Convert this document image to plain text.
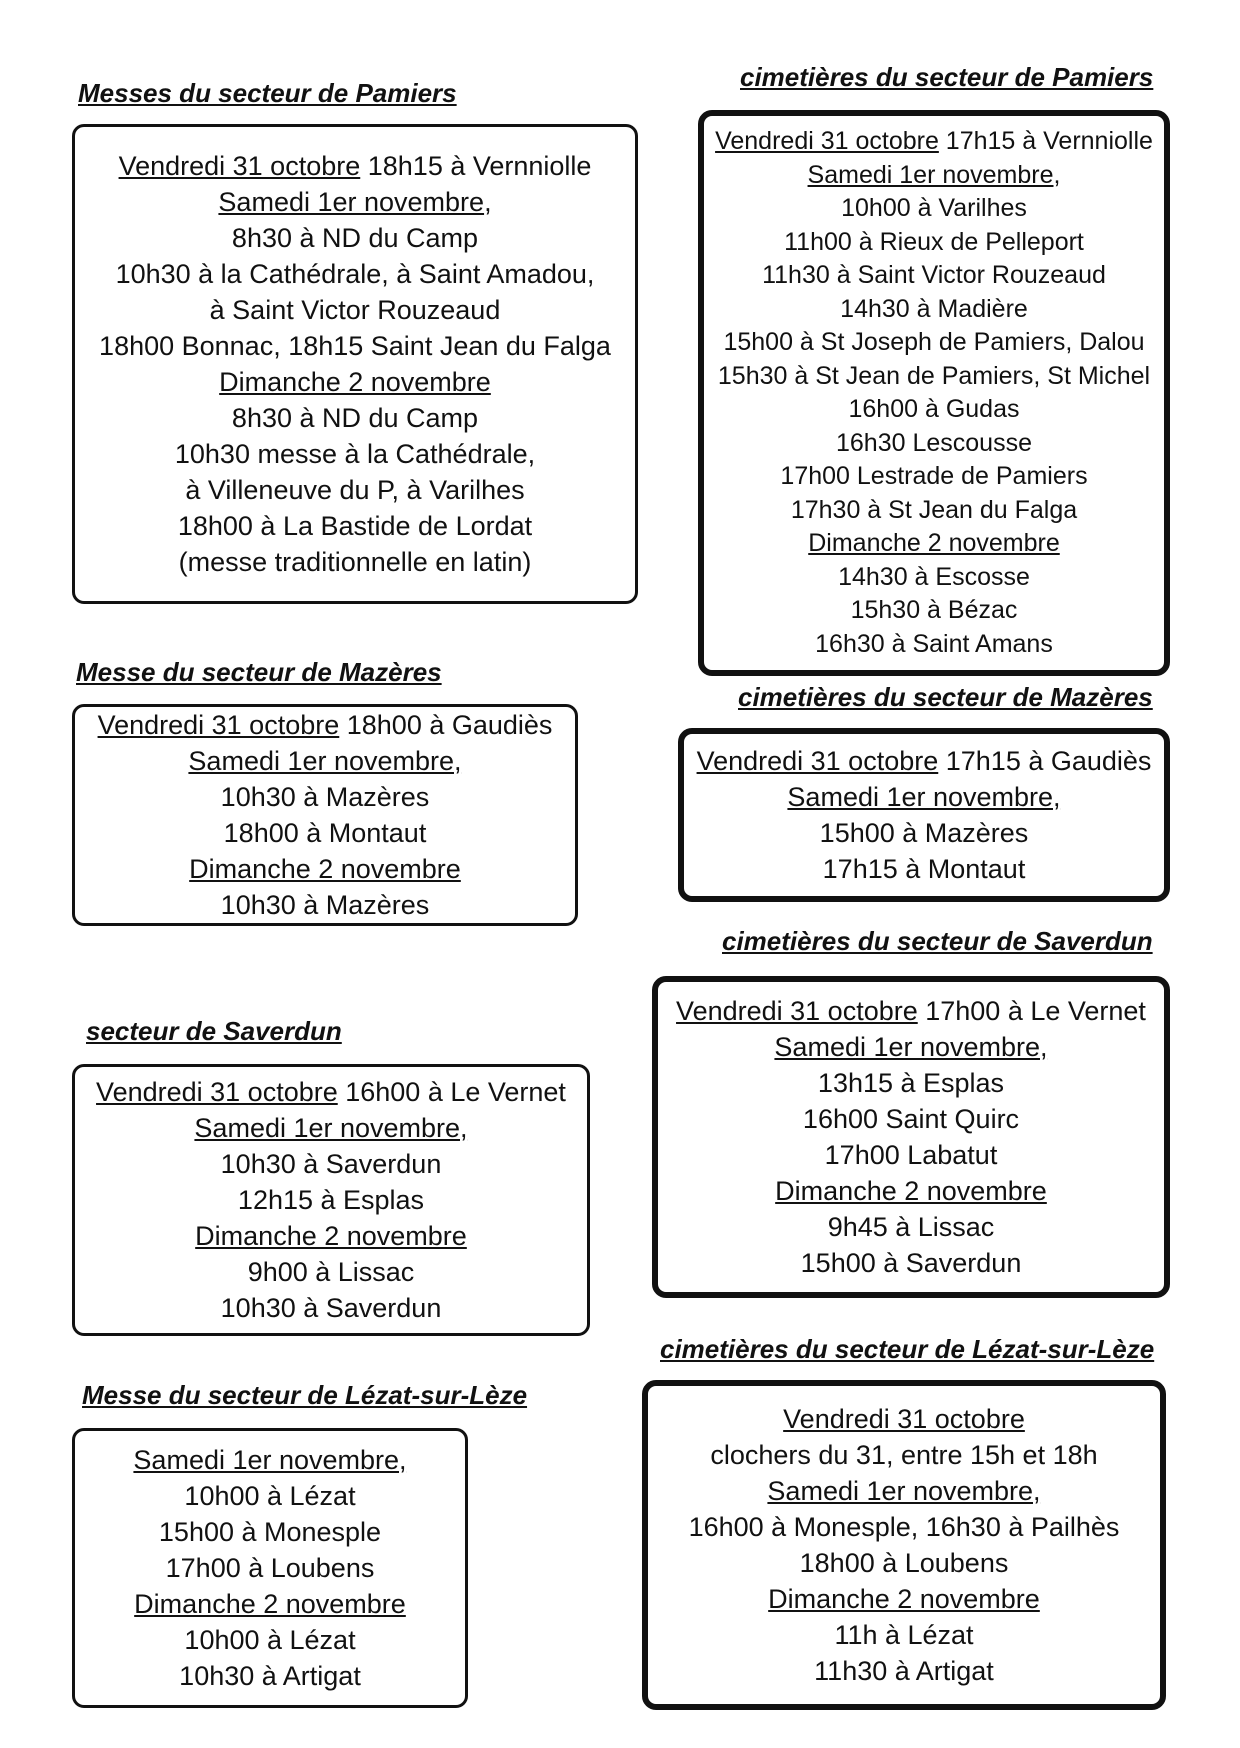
Messes du secteur de Pamiers
Vendredi 31 octobre 18h15 à Vernniolle
Samedi 1er novembre,
8h30 à ND du Camp
10h30 à la Cathédrale, à Saint Amadou,
à Saint Victor Rouzeaud
18h00 Bonnac, 18h15 Saint Jean du Falga
Dimanche 2 novembre
8h30 à ND du Camp
10h30 messe à la Cathédrale,
à Villeneuve du P, à Varilhes
18h00 à La Bastide de Lordat
(messe traditionnelle en latin)
Messe du secteur de Mazères
Vendredi 31 octobre 18h00 à Gaudiès
Samedi 1er novembre,
10h30 à Mazères
18h00 à Montaut
Dimanche 2 novembre
10h30 à Mazères
secteur de Saverdun
Vendredi 31 octobre 16h00 à Le Vernet
Samedi 1er novembre,
10h30 à Saverdun
12h15 à Esplas
Dimanche 2 novembre
9h00 à Lissac
10h30 à Saverdun
Messe du secteur de Lézat-sur-Lèze
Samedi 1er novembre,
10h00 à Lézat
15h00 à Monesple
17h00 à Loubens
Dimanche 2 novembre
10h00 à Lézat
10h30 à Artigat
cimetières du secteur de Pamiers
Vendredi 31 octobre 17h15 à Vernniolle
Samedi 1er novembre,
10h00 à Varilhes
11h00 à Rieux de Pelleport
11h30 à Saint Victor Rouzeaud
14h30 à Madière
15h00 à St Joseph de Pamiers, Dalou
15h30 à St Jean de Pamiers, St Michel
16h00 à Gudas
16h30 Lescousse
17h00 Lestrade de Pamiers
17h30 à St Jean du Falga
Dimanche 2 novembre
14h30 à Escosse
15h30 à Bézac
16h30 à Saint Amans
cimetières du secteur de Mazères
Vendredi 31 octobre 17h15 à Gaudiès
Samedi 1er novembre,
15h00 à Mazères
17h15 à Montaut
cimetières du secteur de Saverdun
Vendredi 31 octobre 17h00 à Le Vernet
Samedi 1er novembre,
13h15 à Esplas
16h00 Saint Quirc
17h00 Labatut
Dimanche 2 novembre
9h45 à Lissac
15h00 à Saverdun
cimetières du secteur de Lézat-sur-Lèze
Vendredi 31 octobre
clochers du 31, entre 15h et 18h
Samedi 1er novembre,
16h00 à Monesple, 16h30 à Pailhès
18h00 à Loubens
Dimanche 2 novembre
11h à Lézat
11h30 à Artigat
